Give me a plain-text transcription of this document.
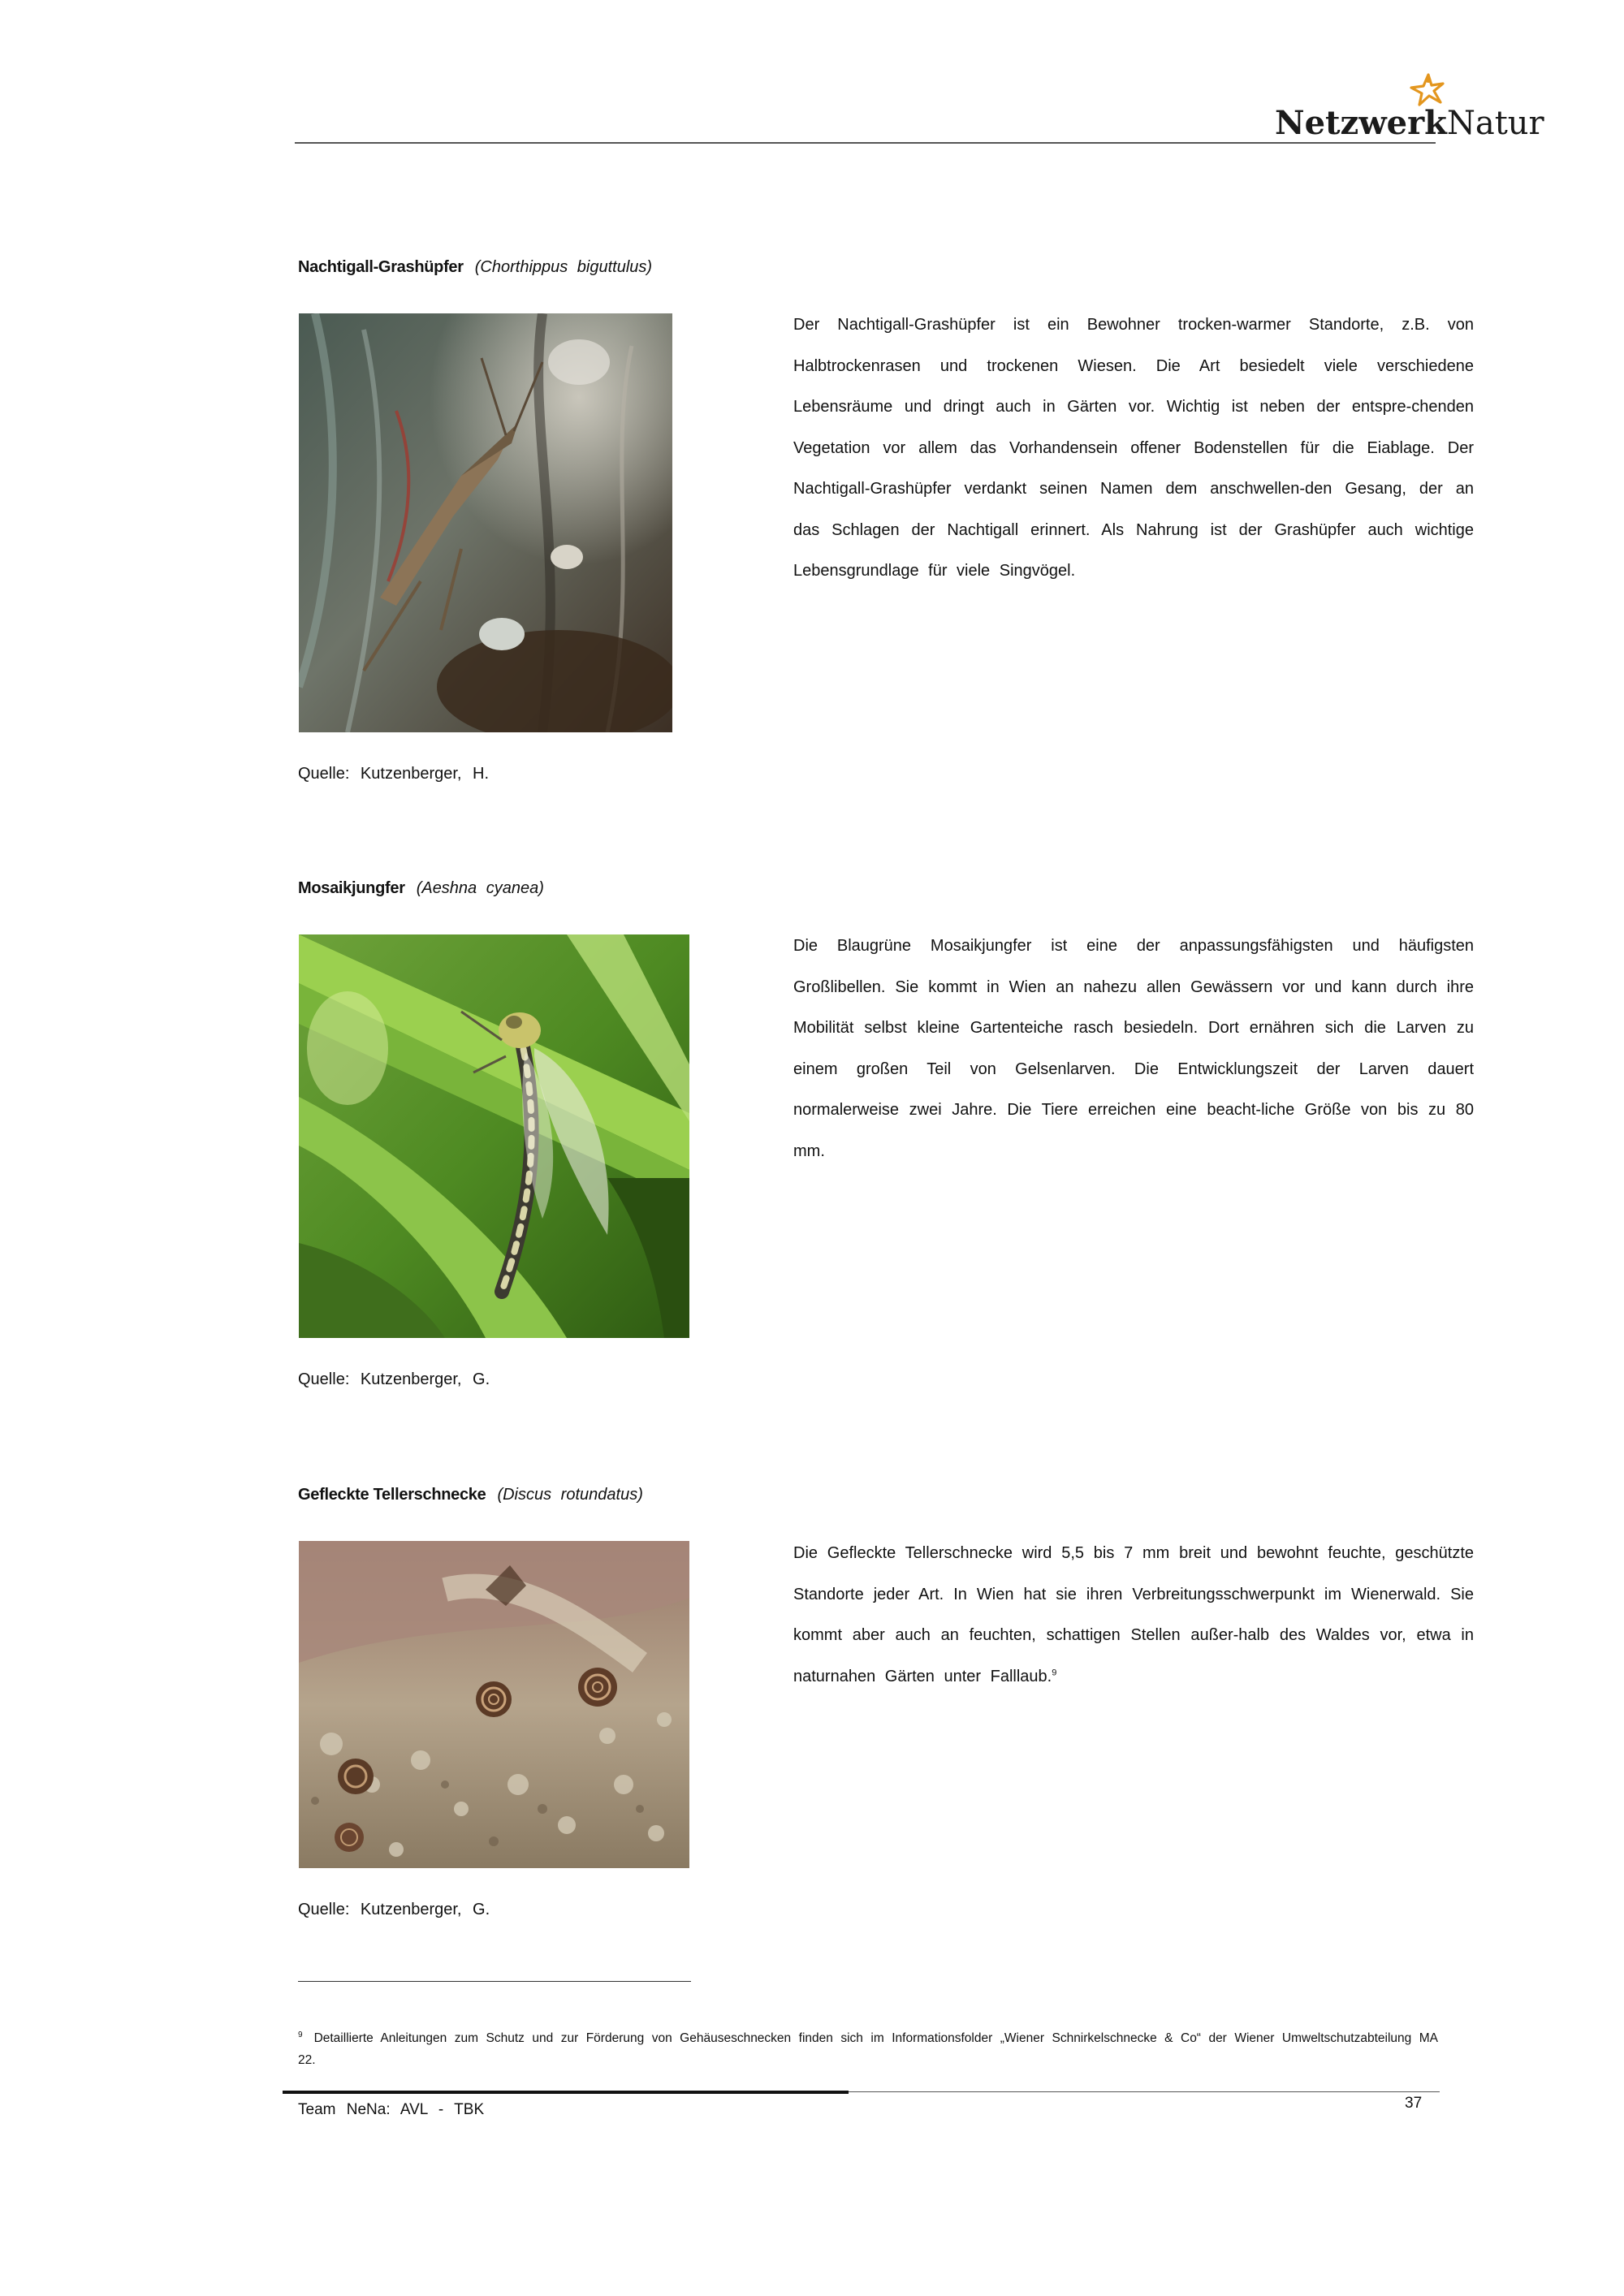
NetzwerkNatur
Nachtigall-Grashüpfer (Chorthippus biguttulus)
Der Nachtigall-Grashüpfer ist ein Bewohner trocken-warmer Standorte, z.B. von Halbtrockenrasen und trockenen Wiesen. Die Art besiedelt viele verschiedene Lebensräume und dringt auch in Gärten vor. Wichtig ist neben der entspre-chenden Vegetation vor allem das Vorhandensein offener Bodenstellen für die Eiablage. Der Nachtigall-Grashüpfer verdankt seinen Namen dem anschwellen-den Gesang, der an das Schlagen der Nachtigall erinnert. Als Nahrung ist der Grashüpfer auch wichtige Lebensgrundlage für viele Singvögel.
Quelle: Kutzenberger, H.
Mosaikjungfer (Aeshna cyanea)
Die Blaugrüne Mosaikjungfer ist eine der anpassungsfähigsten und häufigsten Großlibellen. Sie kommt in Wien an nahezu allen Gewässern vor und kann durch ihre Mobilität selbst kleine Gartenteiche rasch besiedeln. Dort ernähren sich die Larven zu einem großen Teil von Gelsenlarven. Die Entwicklungszeit der Larven dauert normalerweise zwei Jahre. Die Tiere erreichen eine beacht-liche Größe von bis zu 80 mm.
Quelle: Kutzenberger, G.
Gefleckte Tellerschnecke (Discus rotundatus)
Die Gefleckte Tellerschnecke wird 5,5 bis 7 mm breit und bewohnt feuchte, geschützte Standorte jeder Art. In Wien hat sie ihren Verbreitungsschwerpunkt im Wienerwald. Sie kommt aber auch an feuchten, schattigen Stellen außer-halb des Waldes vor, etwa in naturnahen Gärten unter Falllaub.$^9$
Quelle: Kutzenberger, G.
$^9$ Detaillierte Anleitungen zum Schutz und zur Förderung von Gehäuseschnecken finden sich im Informationsfolder „Wiener Schnirkelschnecke & Co“ der Wiener Umweltschutzabteilung MA 22.
Team NeNa: AVL - TBK	37
